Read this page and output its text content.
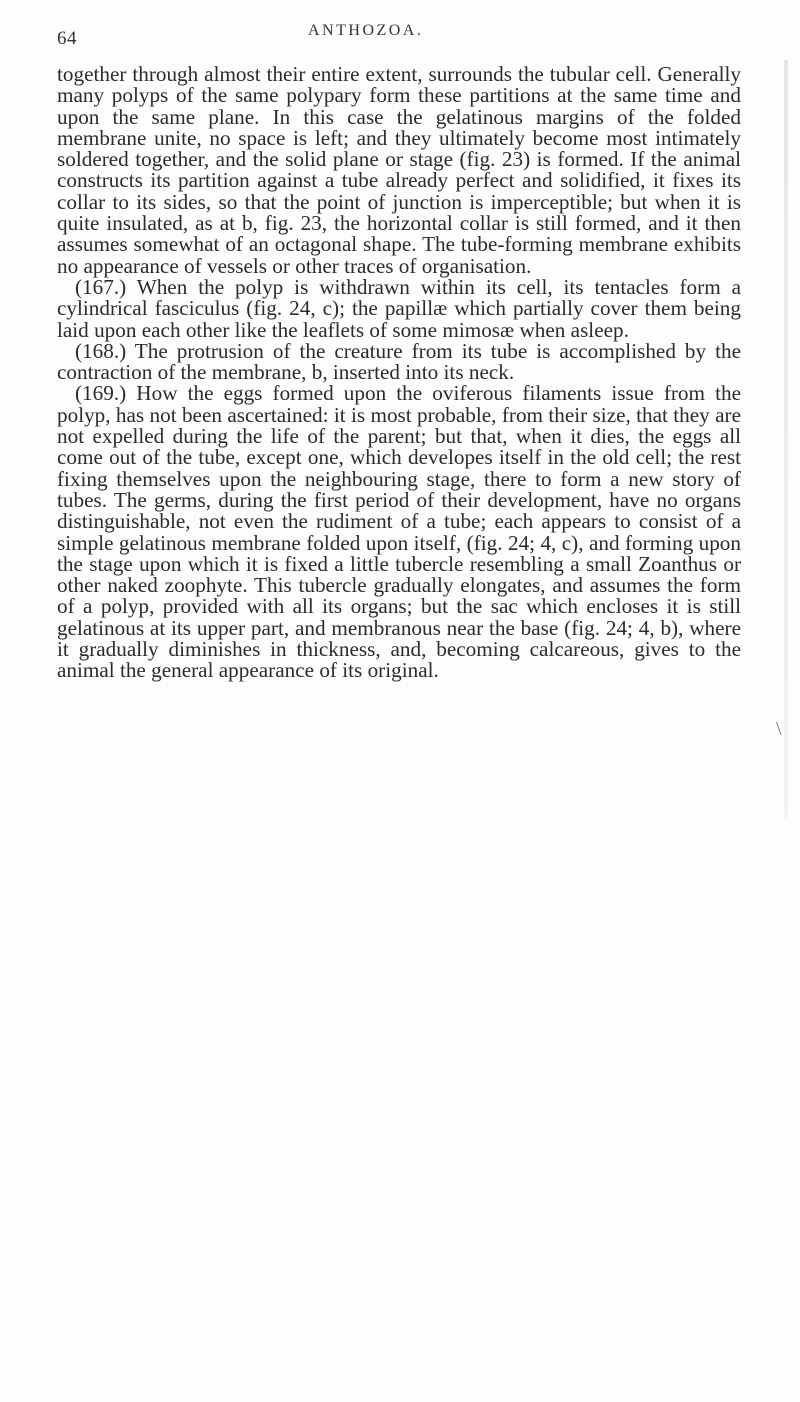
64	ANTHOZOA.

together through almost their entire extent, surrounds the tubular cell. Generally many polyps of the same polypary form these partitions at the same time and upon the same plane. In this case the gelatinous margins of the folded membrane unite, no space is left; and they ultimately become most intimately soldered together, and the solid plane or stage (fig. 23) is formed. If the animal constructs its partition against a tube already perfect and solidified, it fixes its collar to its sides, so that the point of junction is imperceptible; but when it is quite insulated, as at b, fig. 23, the horizontal collar is still formed, and it then assumes somewhat of an octagonal shape. The tube-forming membrane exhibits no appearance of vessels or other traces of organisation.

(167.) When the polyp is withdrawn within its cell, its tentacles form a cylindrical fasciculus (fig. 24, c); the papillæ which partially cover them being laid upon each other like the leaflets of some mimosæ when asleep.

(168.) The protrusion of the creature from its tube is accomplished by the contraction of the membrane, b, inserted into its neck.

(169.) How the eggs formed upon the oviferous filaments issue from the polyp, has not been ascertained: it is most probable, from their size, that they are not expelled during the life of the parent; but that, when it dies, the eggs all come out of the tube, except one, which developes itself in the old cell; the rest fixing themselves upon the neighbouring stage, there to form a new story of tubes. The germs, during the first period of their development, have no organs distinguishable, not even the rudiment of a tube; each appears to consist of a simple gelatinous membrane folded upon itself, (fig. 24; 4, c), and forming upon the stage upon which it is fixed a little tubercle resembling a small Zoanthus or other naked zoophyte. This tubercle gradually elongates, and assumes the form of a polyp, provided with all its organs; but the sac which encloses it is still gelatinous at its upper part, and membranous near the base (fig. 24; 4, b), where it gradually diminishes in thickness, and, becoming calcareous, gives to the animal the general appearance of its original.

\
